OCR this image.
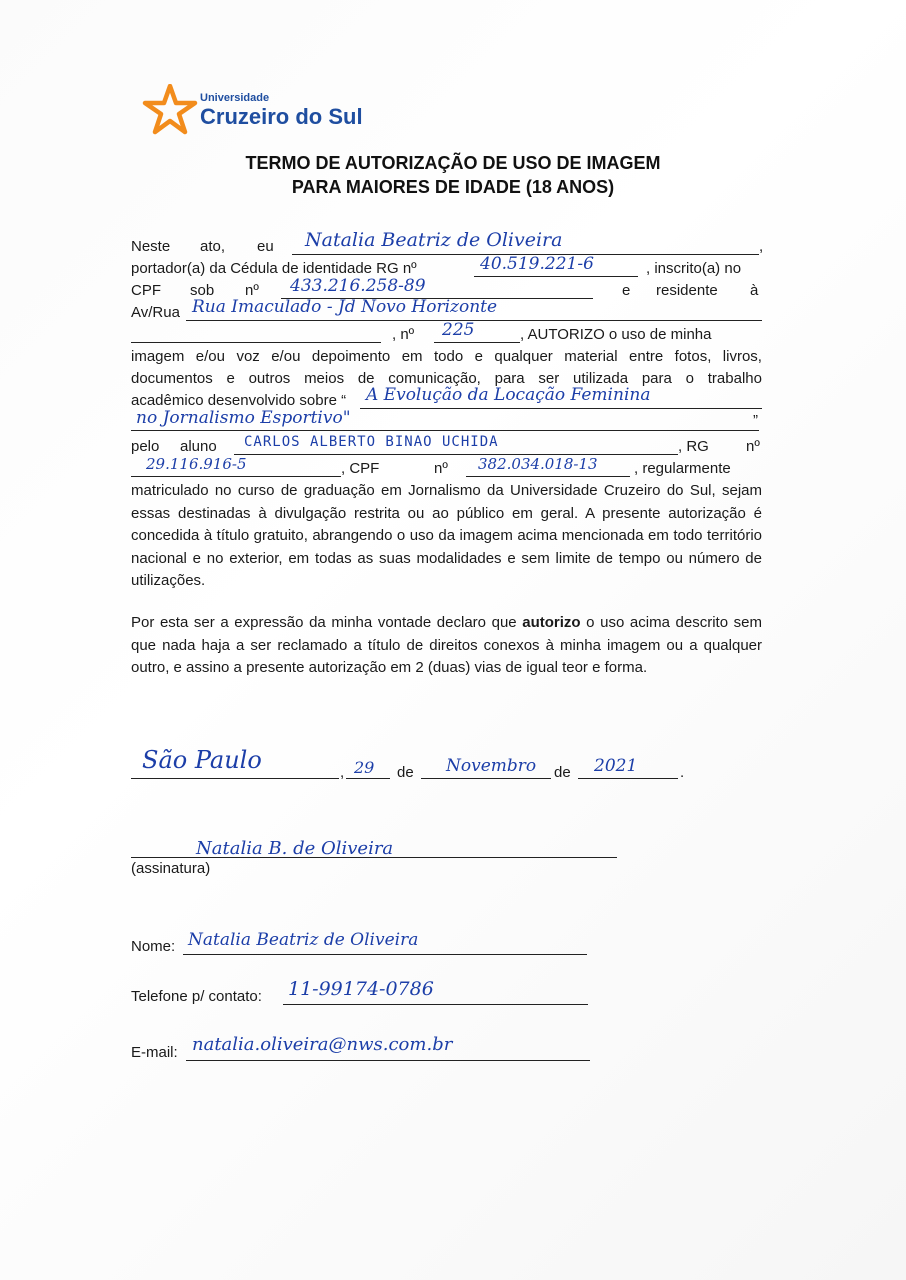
Universidade
Cruzeiro do Sul
TERMO DE AUTORIZAÇÃO DE USO DE IMAGEM
PARA MAIORES DE IDADE (18 ANOS)
Neste ato, eu	,
Natalia Beatriz de Oliveira
portador(a) da Cédula de identidade RG nº	40.519.221-6	, inscrito(a) no
CPF sob nº 433.216.258-89	e residente à
Av/Rua Rua Imaculado - Jd Novo Horizonte
, nº 225	, AUTORIZO o uso de minha
imagem e/ou voz e/ou depoimento em todo e qualquer material entre fotos, livros,
documentos e outros meios de comunicação, para ser utilizada para o trabalho
acadêmico desenvolvido sobre “ A Evolução da Locação Feminina
no Jornalismo Esportivo"	”
pelo aluno CARLOS ALBERTO BINAO UCHIDA	, RG nº
29.116.916-5	, CPF	nº 382.034.018-13 , regularmente

matriculado no curso de graduação em Jornalismo da Universidade Cruzeiro do Sul, sejam essas destinadas à divulgação restrita ou ao público em geral. A presente autorização é concedida à título gratuito, abrangendo o uso da imagem acima mencionada em todo território nacional e no exterior, em todas as suas modalidades e sem limite de tempo ou número de utilizações.

Por esta ser a expressão da minha vontade declaro que autorizo o uso acima descrito sem que nada haja a ser reclamado a título de direitos conexos à minha imagem ou a qualquer outro, e assino a presente autorização em 2 (duas) vias de igual teor e forma.

São Paulo	, 29 de Novembro de 2021	.
Natalia B. de Oliveira
(assinatura)
Nome: Natalia Beatriz de Oliveira
Telefone p/ contato: 11-99174-0786
E-mail: natalia.oliveira@nws.com.br
